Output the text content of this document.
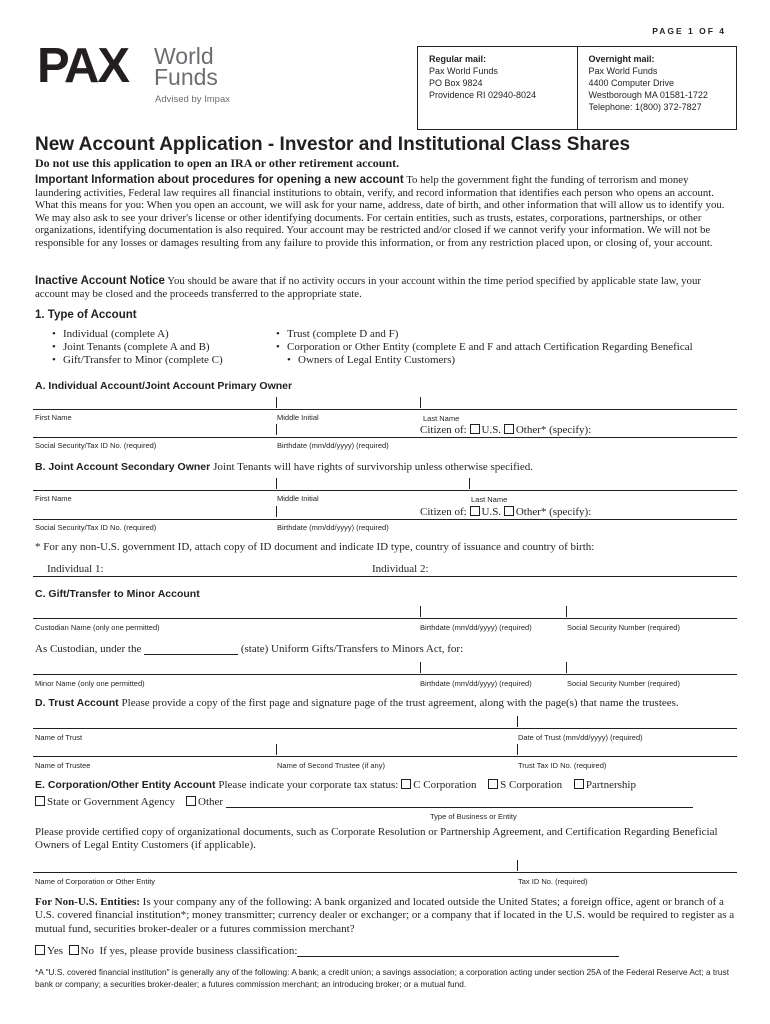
PAGE 1 OF 4
PAX World
Funds
Advised by Impax
Regular mail:
Pax World Funds
PO Box 9824
Providence RI 02940-8024
Overnight mail:
Pax World Funds
4400 Computer Drive
Westborough MA 01581-1722
Telephone: 1(800) 372-7827
New Account Application - Investor and Institutional Class Shares
Do not use this application to open an IRA or other retirement account.
Important Information about procedures for opening a new account To help the government fight the funding of terrorism and money laundering activities, Federal law requires all financial institutions to obtain, verify, and record information that identifies each person who opens an account. What this means for you: When you open an account, we will ask for your name, address, date of birth, and other information that will allow us to identify you. We may also ask to see your driver's license or other identifying documents. For certain entities, such as trusts, estates, corporations, partnerships, or other organizations, identifying documentation is also required. Your account may be restricted and/or closed if we cannot verify your information. We will not be responsible for any losses or damages resulting from any failure to provide this information, or from any restriction placed upon, or closing of, your account.
Inactive Account Notice You should be aware that if no activity occurs in your account within the time period specified by applicable state law, your account may be closed and the proceeds transferred to the appropriate state.
1. Type of Account
• Individual (complete A)
• Joint Tenants (complete A and B)
• Gift/Transfer to Minor (complete C)
• Trust (complete D and F)
• Corporation or Other Entity (complete E and F and attach Certification Regarding Benefical
• Owners of Legal Entity Customers)
A. Individual Account/Joint Account Primary Owner
First Name	Middle Initial	Last Name
Citizen of: U.S. Other* (specify):
Social Security/Tax ID No. (required)	Birthdate (mm/dd/yyyy) (required)
B. Joint Account Secondary Owner Joint Tenants will have rights of survivorship unless otherwise specified.
First Name	Middle Initial	Last Name
Citizen of: U.S. Other* (specify):
Social Security/Tax ID No. (required)	Birthdate (mm/dd/yyyy) (required)
* For any non-U.S. government ID, attach copy of ID document and indicate ID type, country of issuance and country of birth:
Individual 1:	Individual 2:
C. Gift/Transfer to Minor Account
Custodian Name (only one permitted)	Birthdate (mm/dd/yyyy) (required)	Social Security Number (required)
As Custodian, under the	(state) Uniform Gifts/Transfers to Minors Act, for:
Minor Name (only one permitted)	Birthdate (mm/dd/yyyy) (required)	Social Security Number (required)
D. Trust Account Please provide a copy of the first page and signature page of the trust agreement, along with the page(s) that name the trustees.
Name of Trust	Date of Trust (mm/dd/yyyy) (required)
Name of Trustee	Name of Second Trustee (if any)	Trust Tax ID No. (required)
E. Corporation/Other Entity Account Please indicate your corporate tax status: C Corporation S Corporation Partnership
State or Government Agency Other
Type of Business or Entity
Please provide certified copy of organizational documents, such as Corporate Resolution or Partnership Agreement, and Certification Regarding Beneficial Owners of Legal Entity Customers (if applicable).
Name of Corporation or Other Entity	Tax ID No. (required)
For Non-U.S. Entities: Is your company any of the following: A bank organized and located outside the United States; a foreign office, agent or branch of a U.S. covered financial institution*; money transmitter; currency dealer or exchanger; or a company that if located in the U.S. would be required to register as a mutual fund, securities broker-dealer or a futures commission merchant?
Yes No If yes, please provide business classification:
*A "U.S. covered financial institution" is generally any of the following: A bank; a credit union; a savings association; a corporation acting under section 25A of the Federal Reserve Act; a trust bank or company; a securities broker-dealer; a futures commission merchant; an introducing broker; or a mutual fund.
